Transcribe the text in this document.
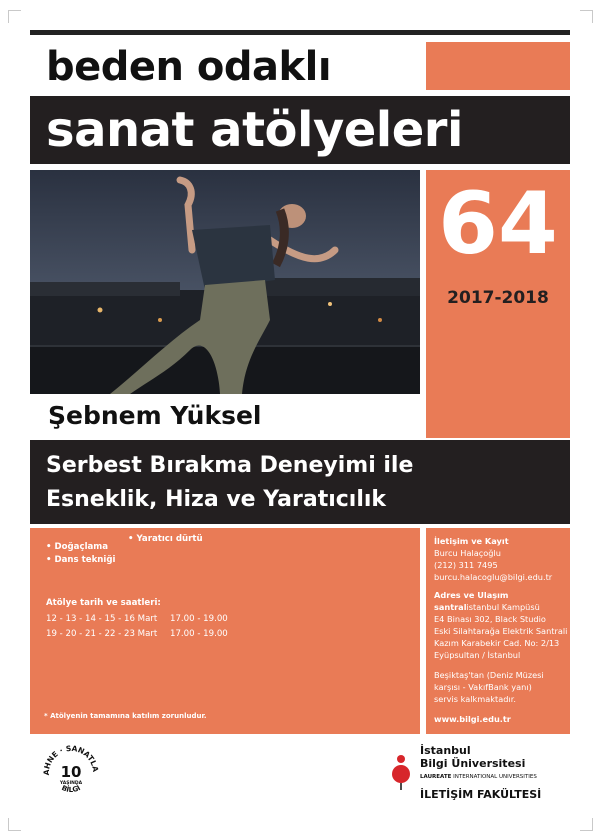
beden odaklı
sanat atölyeleri
64
2017-2018
Şebnem Yüksel
Serbest Bırakma Deneyimi ile
Esneklik, Hiza ve Yaratıcılık
• Doğaçlama
• Dans tekniği
• Yaratıcı dürtü
Atölye tarih ve saatleri:
12 - 13 - 14 - 15 - 16 Mart 17.00 - 19.00
19 - 20 - 21 - 22 - 23 Mart 17.00 - 19.00
* Atölyenin tamamına katılım zorunludur.
İletişim ve Kayıt
Burcu Halaçoğlu
(212) 311 7495
burcu.halacoglu@bilgi.edu.tr
Adres ve Ulaşım
santralistanbul Kampüsü
E4 Binası 302, Black Studio
Eski Silahtarağa Elektrik Santrali
Kazım Karabekir Cad. No: 2/13
Eyüpsultan / İstanbul
Beşiktaş'tan (Deniz Müzesi
karşısı - VakıfBank yanı)
servis kalkmaktadır.
www.bilgi.edu.tr
AHNE · SANATLA
BİLGİ
10
YAŞINDA
İstanbul
Bilgi Üniversitesi
LAUREATE INTERNATIONAL UNIVERSITIES
İLETİŞİM FAKÜLTESİ
